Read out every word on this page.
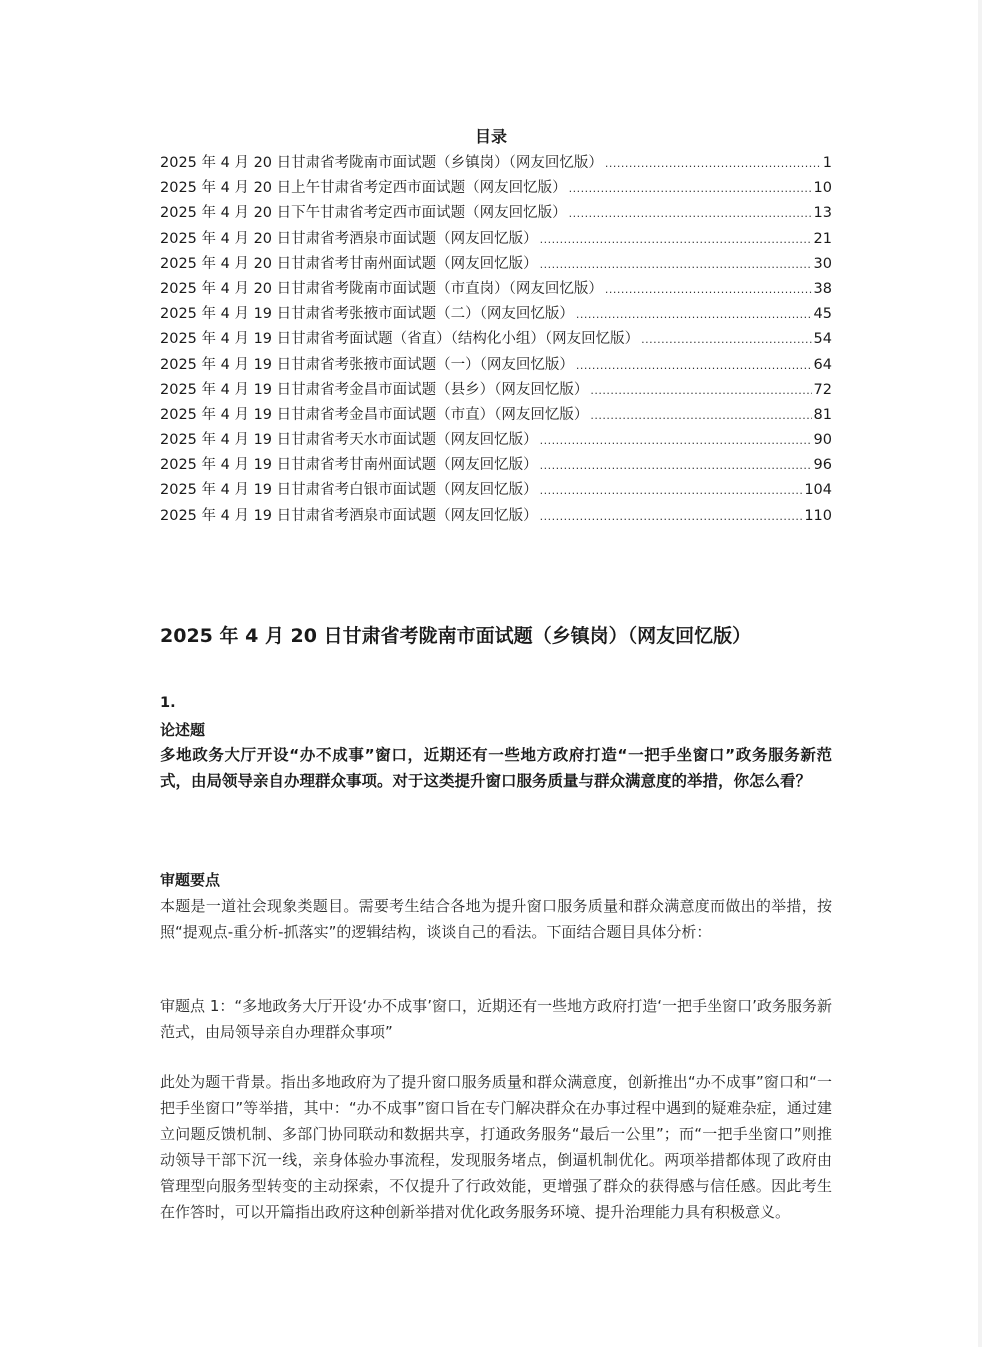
目录
2025 年 4 月 20 日甘肃省考陇南市面试题（乡镇岗）（网友回忆版） .....	1
2025 年 4 月 20 日上午甘肃省考定西市面试题（网友回忆版） .....	10
2025 年 4 月 20 日下午甘肃省考定西市面试题（网友回忆版） .....	13
2025 年 4 月 20 日甘肃省考酒泉市面试题（网友回忆版） .....	21
2025 年 4 月 20 日甘肃省考甘南州面试题（网友回忆版） .....	30
2025 年 4 月 20 日甘肃省考陇南市面试题（市直岗）（网友回忆版） .....	38
2025 年 4 月 19 日甘肃省考张掖市面试题（二）（网友回忆版） .....	45
2025 年 4 月 19 日甘肃省考面试题（省直）（结构化小组）（网友回忆版） .....	54
2025 年 4 月 19 日甘肃省考张掖市面试题（一）（网友回忆版） .....	64
2025 年 4 月 19 日甘肃省考金昌市面试题（县乡）（网友回忆版） .....	72
2025 年 4 月 19 日甘肃省考金昌市面试题（市直）（网友回忆版） .....	81
2025 年 4 月 19 日甘肃省考天水市面试题（网友回忆版） .....	90
2025 年 4 月 19 日甘肃省考甘南州面试题（网友回忆版） .....	96
2025 年 4 月 19 日甘肃省考白银市面试题（网友回忆版） .....	104
2025 年 4 月 19 日甘肃省考酒泉市面试题（网友回忆版） .....	110
2025 年 4 月 20 日甘肃省考陇南市面试题（乡镇岗）（网友回忆版）
1.
论述题
多地政务大厅开设“办不成事”窗口，近期还有一些地方政府打造“一把手坐窗口”政务服务新范式，由局领导亲自办理群众事项。对于这类提升窗口服务质量与群众满意度的举措，你怎么看？
审题要点
本题是一道社会现象类题目。需要考生结合各地为提升窗口服务质量和群众满意度而做出的举措，按照“提观点-重分析-抓落实”的逻辑结构，谈谈自己的看法。下面结合题目具体分析：
审题点 1：“多地政务大厅开设‘办不成事’窗口，近期还有一些地方政府打造‘一把手坐窗口’政务服务新范式，由局领导亲自办理群众事项”
此处为题干背景。指出多地政府为了提升窗口服务质量和群众满意度，创新推出“办不成事”窗口和“一把手坐窗口”等举措，其中：“办不成事”窗口旨在专门解决群众在办事过程中遇到的疑难杂症，通过建立问题反馈机制、多部门协同联动和数据共享，打通政务服务“最后一公里”；而“一把手坐窗口”则推动领导干部下沉一线，亲身体验办事流程，发现服务堵点，倒逼机制优化。两项举措都体现了政府由管理型向服务型转变的主动探索，不仅提升了行政效能，更增强了群众的获得感与信任感。因此考生在作答时，可以开篇指出政府这种创新举措对优化政务服务环境、提升治理能力具有积极意义。
